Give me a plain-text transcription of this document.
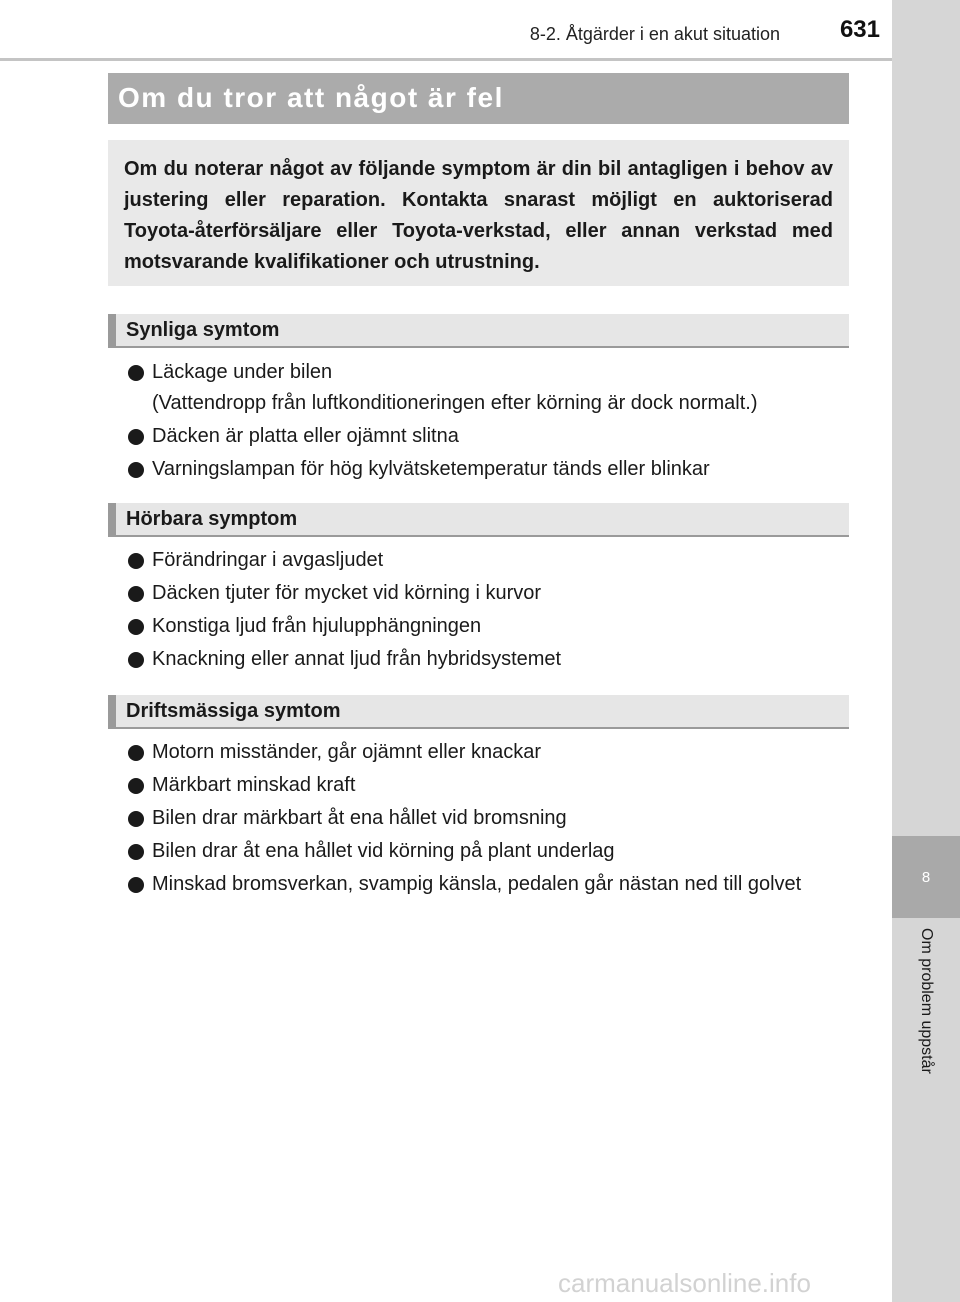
8
Om problem uppstår
8-2. Åtgärder i en akut situation 631
Om du tror att något är fel

Om du noterar något av följande symptom är din bil antagligen i behov av justering eller reparation. Kontakta snarast möjligt en auktoriserad Toyota-återförsäljare eller Toyota-verkstad, eller annan verkstad med motsvarande kvalifikationer och utrustning.

Synliga symtom
Läckage under bilen
(Vattendropp från luftkonditioneringen efter körning är dock normalt.)
Däcken är platta eller ojämnt slitna
Varningslampan för hög kylvätsketemperatur tänds eller blinkar
Hörbara symptom
Förändringar i avgasljudet
Däcken tjuter för mycket vid körning i kurvor
Konstiga ljud från hjulupphängningen
Knackning eller annat ljud från hybridsystemet
Driftsmässiga symtom
Motorn misständer, går ojämnt eller knackar
Märkbart minskad kraft
Bilen drar märkbart åt ena hållet vid bromsning
Bilen drar åt ena hållet vid körning på plant underlag
Minskad bromsverkan, svampig känsla, pedalen går nästan ned till golvet
carmanualsonline.info
